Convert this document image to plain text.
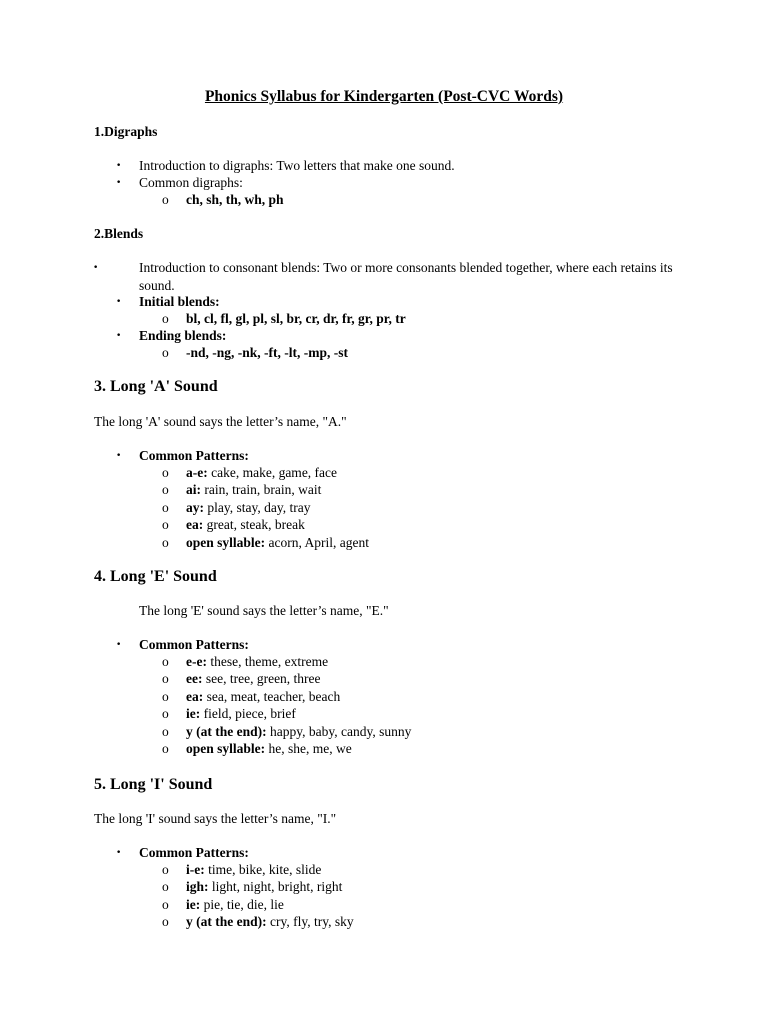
Phonics Syllabus for Kindergarten (Post-CVC Words)
1.Digraphs
• Introduction to digraphs: Two letters that make one sound.
• Common digraphs:
o ch, sh, th, wh, ph
2.Blends
•	Introduction to consonant blends: Two or more consonants blended together, where each retains its sound.
• Initial blends:
o bl, cl, fl, gl, pl, sl, br, cr, dr, fr, gr, pr, tr
• Ending blends:
o -nd, -ng, -nk, -ft, -lt, -mp, -st
3. Long 'A' Sound
The long 'A' sound says the letter’s name, "A."
• Common Patterns:
o a-e: cake, make, game, face
o ai: rain, train, brain, wait
o ay: play, stay, day, tray
o ea: great, steak, break
o open syllable: acorn, April, agent
4. Long 'E' Sound
The long 'E' sound says the letter’s name, "E."
• Common Patterns:
o e-e: these, theme, extreme
o ee: see, tree, green, three
o ea: sea, meat, teacher, beach
o ie: field, piece, brief
o y (at the end): happy, baby, candy, sunny
o open syllable: he, she, me, we
5. Long 'I' Sound
The long 'I' sound says the letter’s name, "I."
• Common Patterns:
o i-e: time, bike, kite, slide
o igh: light, night, bright, right
o ie: pie, tie, die, lie
o y (at the end): cry, fly, try, sky
